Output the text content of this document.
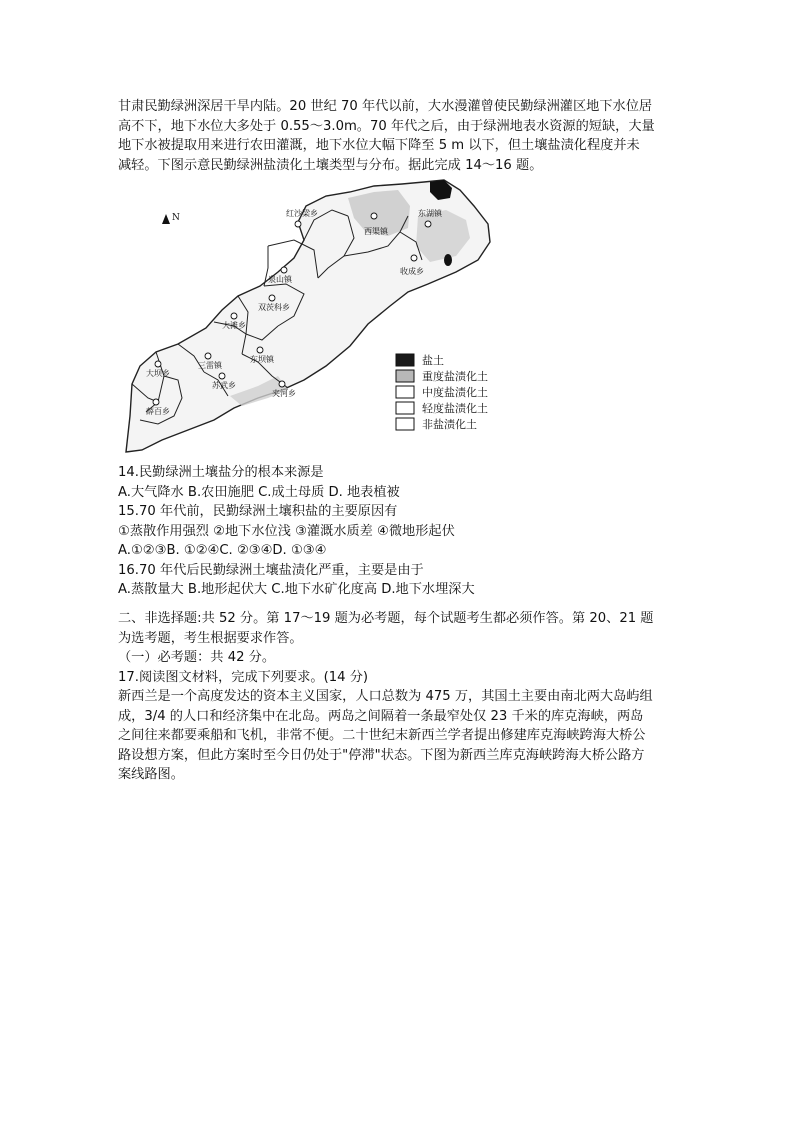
甘肃民勤绿洲深居干旱内陆。20 世纪 70 年代以前，大水漫灌曾使民勤绿洲灌区地下水位居
高不下，地下水位大多处于 0.55～3.0m。70 年代之后，由于绿洲地表水资源的短缺，大量
地下水被提取用来进行农田灌溉，地下水位大幅下降至 5 m 以下，但土壤盐渍化程度并未
减轻。下图示意民勤绿洲盐渍化土壤类型与分布。据此完成 14～16 题。
红沙梁乡
西渠镇
东湖镇
泉山镇
收成乡
双茨科乡
大滩乡
东坝镇
三雷镇
大坝乡
苏武乡
夹河乡
薛百乡
N
盐土
重度盐渍化土
中度盐渍化土
轻度盐渍化土
非盐渍化土
14.民勤绿洲土壤盐分的根本来源是
A.大气降水 B.农田施肥 C.成土母质 D. 地表植被
15.70 年代前，民勤绿洲土壤积盐的主要原因有
①蒸散作用强烈 ②地下水位浅 ③灌溉水质差 ④微地形起伏
A.①②③B. ①②④C. ②③④D. ①③④
16.70 年代后民勤绿洲土壤盐渍化严重，主要是由于
A.蒸散量大 B.地形起伏大 C.地下水矿化度高 D.地下水埋深大
二、非选择题:共 52 分。第 17～19 题为必考题，每个试题考生都必须作答。第 20、21 题
为选考题，考生根据要求作答。
（一）必考题：共 42 分。
17.阅读图文材料，完成下列要求。(14 分)
新西兰是一个高度发达的资本主义国家，人口总数为 475 万，其国土主要由南北两大岛屿组
成，3/4 的人口和经济集中在北岛。两岛之间隔着一条最窄处仅 23 千米的库克海峡，两岛
之间往来都要乘船和飞机，非常不便。二十世纪末新西兰学者提出修建库克海峡跨海大桥公
路设想方案，但此方案时至今日仍处于"停滞"状态。下图为新西兰库克海峡跨海大桥公路方
案线路图。
